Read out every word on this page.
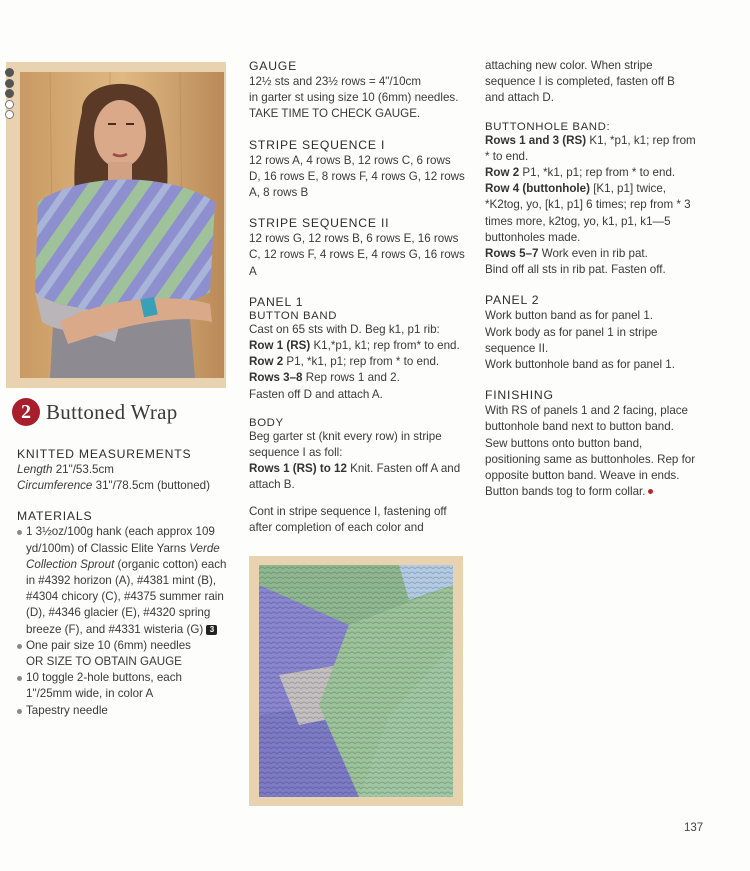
2 Buttoned Wrap
KNITTED MEASUREMENTS

Length 21"/53.5cm

Circumference 31"/78.5cm (buttoned)

MATERIALS

1 3½oz/100g hank (each approx 109 yd/100m) of Classic Elite Yarns Verde Collection Sprout (organic cotton) each in #4392 horizon (A), #4381 mint (B), #4304 chicory (C), #4375 summer rain (D), #4346 glacier (E), #4320 spring breeze (F), and #4331 wisteria (G) 3

One pair size 10 (6mm) needles

OR SIZE TO OBTAIN GAUGE

10 toggle 2-hole buttons, each 1"/25mm wide, in color A

Tapestry needle

GAUGE

12½ sts and 23½ rows = 4"/10cm

in garter st using size 10 (6mm) needles.

TAKE TIME TO CHECK GAUGE.

STRIPE SEQUENCE I

12 rows A, 4 rows B, 12 rows C, 6 rows D, 16 rows E, 8 rows F, 4 rows G, 12 rows A, 8 rows B

STRIPE SEQUENCE II

12 rows G, 12 rows B, 6 rows E, 16 rows C, 12 rows F, 4 rows E, 4 rows G, 16 rows A

PANEL 1
BUTTON BAND

Cast on 65 sts with D. Beg k1, p1 rib:

Row 1 (RS) K1,*p1, k1; rep from* to end.

Row 2 P1, *k1, p1; rep from * to end.

Rows 3–8 Rep rows 1 and 2.

Fasten off D and attach A.

BODY

Beg garter st (knit every row) in stripe sequence I as foll:

Rows 1 (RS) to 12 Knit. Fasten off A and attach B.

Cont in stripe sequence I, fastening off after completion of each color and

attaching new color. When stripe sequence I is completed, fasten off B and attach D.

BUTTONHOLE BAND:

Rows 1 and 3 (RS) K1, *p1, k1; rep from * to end.

Row 2 P1, *k1, p1; rep from * to end.

Row 4 (buttonhole) [K1, p1] twice, *K2tog, yo, [k1, p1] 6 times; rep from * 3 times more, k2tog, yo, k1, p1, k1—5 buttonholes made.

Rows 5–7 Work even in rib pat.

Bind off all sts in rib pat. Fasten off.

PANEL 2

Work button band as for panel 1.

Work body as for panel 1 in stripe sequence II.

Work buttonhole band as for panel 1.

FINISHING

With RS of panels 1 and 2 facing, place buttonhole band next to button band. Sew buttons onto button band, positioning same as buttonholes. Rep for opposite button band. Weave in ends. Button bands tog to form collar.

137
